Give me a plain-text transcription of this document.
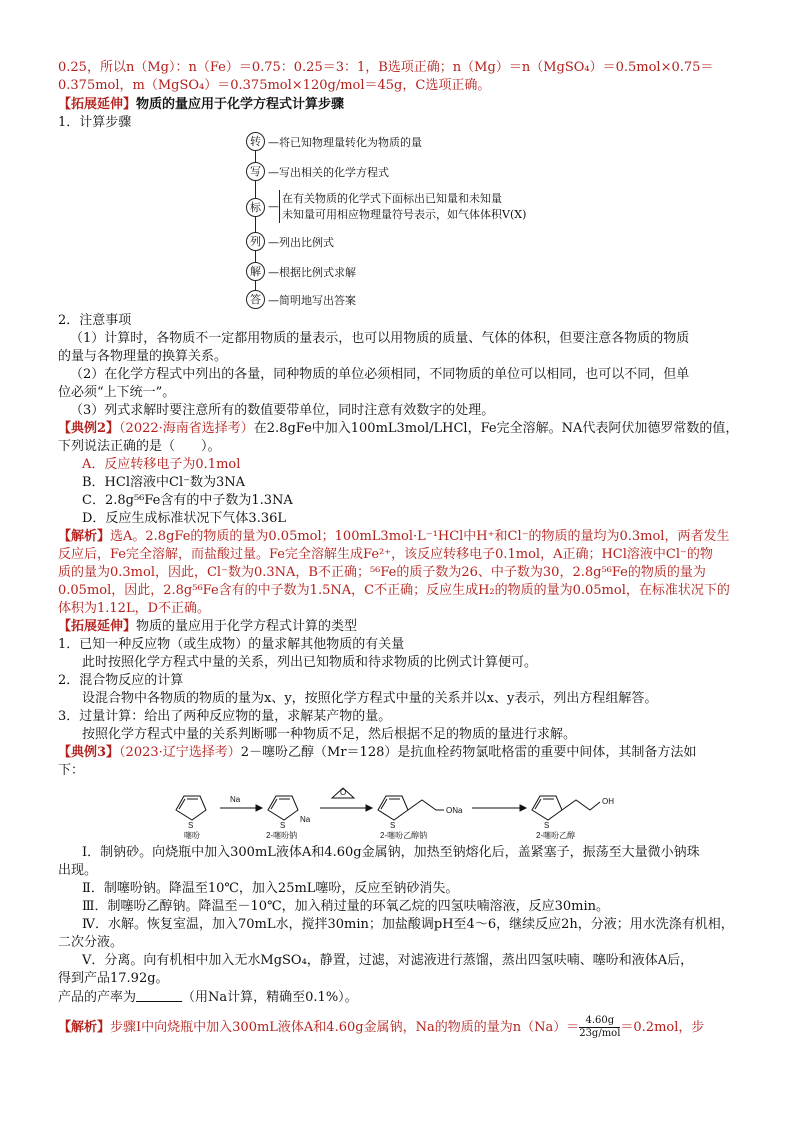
0.25，所以n（Mg）：n（Fe）＝0.75：0.25＝3：1，B选项正确；n（Mg）＝n（MgSO₄）＝0.5mol×0.75＝
0.375mol，m（MgSO₄）＝0.375mol×120g/mol＝45g，C选项正确。
【拓展延伸】物质的量应用于化学方程式计算步骤
1．计算步骤
转 —将已知物理量转化为物质的量
写 —写出相关的化学方程式
标 —
在有关物质的化学式下面标出已知量和未知量
未知量可用相应物理量符号表示，如气体体积V(X)
列 —列出比例式
解 —根据比例式求解
答 —简明地写出答案
2．注意事项
（1）计算时，各物质不一定都用物质的量表示，也可以用物质的质量、气体的体积，但要注意各物质的物质
的量与各物理量的换算关系。
（2）在化学方程式中列出的各量，同种物质的单位必须相同，不同物质的单位可以相同，也可以不同，但单
位必须“上下统一”。
（3）列式求解时要注意所有的数值要带单位，同时注意有效数字的处理。
【典例2】（2022·海南省选择考）在2.8gFe中加入100mL3mol/LHCl，Fe完全溶解。NA代表阿伏加德罗常数的值，
下列说法正确的是（　　）。
A．反应转移电子为0.1mol
B．HCl溶液中Cl⁻数为3NA
C．2.8g⁵⁶Fe含有的中子数为1.3NA
D．反应生成标准状况下气体3.36L
【解析】选A。2.8gFe的物质的量为0.05mol；100mL3mol·L⁻¹HCl中H⁺和Cl⁻的物质的量均为0.3mol，两者发生
反应后，Fe完全溶解，而盐酸过量。Fe完全溶解生成Fe²⁺，该反应转移电子0.1mol，A正确；HCl溶液中Cl⁻的物
质的量为0.3mol，因此，Cl⁻数为0.3NA，B不正确；⁵⁶Fe的质子数为26、中子数为30，2.8g⁵⁶Fe的物质的量为
0.05mol，因此，2.8g⁵⁶Fe含有的中子数为1.5NA，C不正确；反应生成H₂的物质的量为0.05mol，在标准状况下的
体积为1.12L，D不正确。
【拓展延伸】物质的量应用于化学方程式计算的类型
1．已知一种反应物（或生成物）的量求解其他物质的有关量
此时按照化学方程式中量的关系，列出已知物质和待求物质的比例式计算便可。
2．混合物反应的计算
设混合物中各物质的物质的量为x、y，按照化学方程式中量的关系并以x、y表示，列出方程组解答。
3．过量计算：给出了两种反应物的量，求解某产物的量。
按照化学方程式中量的关系判断哪一种物质不足，然后根据不足的物质的量进行求解。
【典例3】（2023·辽宁选择考）2－噻吩乙醇（Mr＝128）是抗血栓药物氯吡格雷的重要中间体，其制备方法如
下：
S	S
Na
S
ONa
S
OH
O
Na
噻吩	2-噻吩钠	2-噻吩乙醇钠	2-噻吩乙醇
Ⅰ．制钠砂。向烧瓶中加入300mL液体A和4.60g金属钠，加热至钠熔化后，盖紧塞子，振荡至大量微小钠珠
出现。
Ⅱ．制噻吩钠。降温至10℃，加入25mL噻吩，反应至钠砂消失。
Ⅲ．制噻吩乙醇钠。降温至－10℃，加入稍过量的环氧乙烷的四氢呋喃溶液，反应30min。
Ⅳ．水解。恢复室温，加入70mL水，搅拌30min；加盐酸调pH至4～6，继续反应2h，分液；用水洗涤有机相，
二次分液。
Ⅴ．分离。向有机相中加入无水MgSO₄，静置，过滤，对滤液进行蒸馏，蒸出四氢呋喃、噻吩和液体A后，
得到产品17.92g。
产品的产率为	（用Na计算，精确至0.1%）。
【解析】步骤Ⅰ中向烧瓶中加入300mL液体A和4.60g金属钠，Na的物质的量为$n(Na)= \frac{4.60g}{\text{23g/mol}} =0.2mol$，步
